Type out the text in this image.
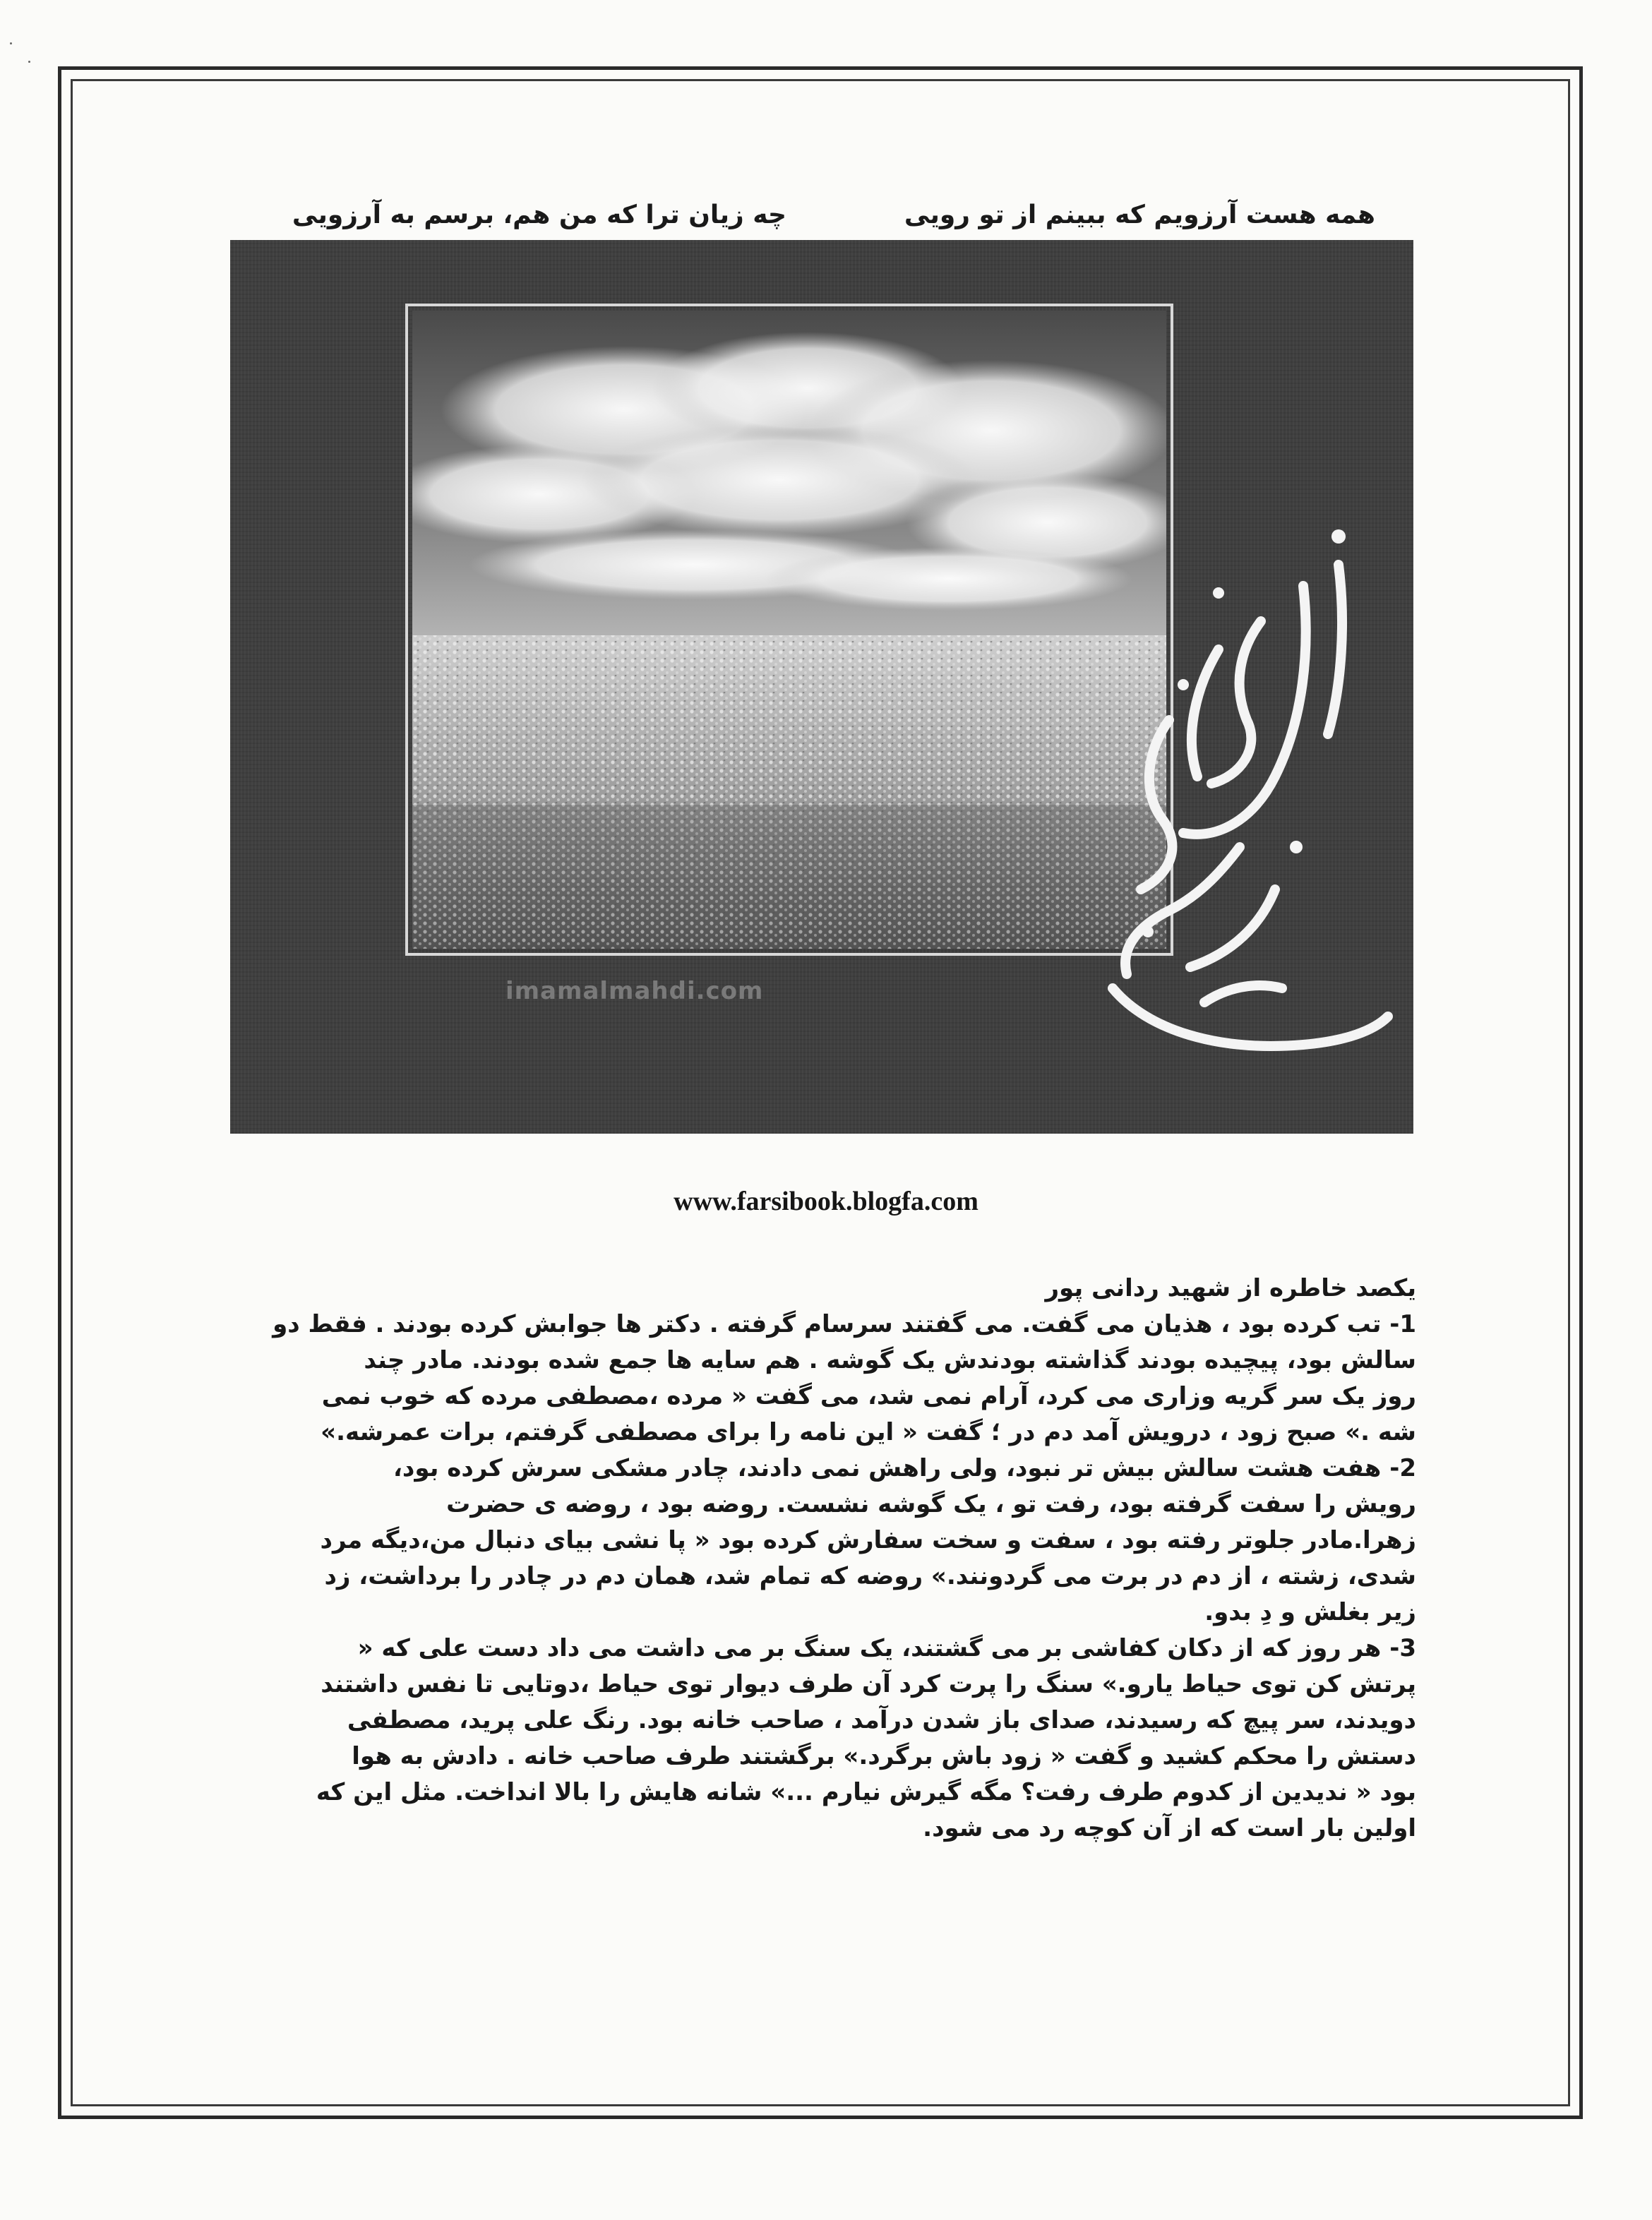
همه هست آرزویم که ببینم از تو رویی
چه زیان ترا که من هم، برسم به آرزویی
imamalmahdi.com
www.farsibook.blogfa.com
یکصد خاطره از شهید ردانی پور
1- تب کرده بود ، هذیان می گفت. می گفتند سرسام گرفته . دکتر ها جوابش کرده بودند . فقط دو
سالش بود، پیچیده بودند گذاشته بودندش یک گوشه . هم سایه ها جمع شده بودند. مادر چند
روز یک سر گریه وزاری می کرد، آرام نمی شد، می گفت « مرده ،مصطفی مرده که خوب نمی
شه .» صبح زود ، درویش آمد دم در ؛ گفت « این نامه را برای مصطفی گرفتم، برات عمرشه.»
2- هفت هشت سالش بیش تر نبود، ولی راهش نمی دادند، چادر مشکی سرش کرده بود،
رویش را سفت گرفته بود، رفت تو ، یک گوشه نشست. روضه بود ، روضه ی حضرت
زهرا.مادر جلوتر رفته بود ، سفت و سخت سفارش کرده بود « پا نشی بیای دنبال من،دیگه مرد
شدی، زشته ، از دم در برت می گردونند.» روضه که تمام شد، همان دم در چادر را برداشت، زد
زیر بغلش و دِ بدو.
3- هر روز که از دکان کفاشی بر می گشتند، یک سنگ بر می داشت می داد دست علی که «
پرتش کن توی حیاط یارو.» سنگ را پرت کرد آن طرف دیوار توی حیاط ،دوتایی تا نفس داشتند
دویدند، سر پیچ که رسیدند، صدای باز شدن درآمد ، صاحب خانه بود. رنگ علی پرید، مصطفی
دستش را محکم کشید و گفت « زود باش برگرد.» برگشتند طرف صاحب خانه . دادش به هوا
بود « ندیدین از کدوم طرف رفت؟ مگه گیرش نیارم ...» شانه هایش را بالا انداخت. مثل این که
اولین بار است که از آن کوچه رد می شود.
